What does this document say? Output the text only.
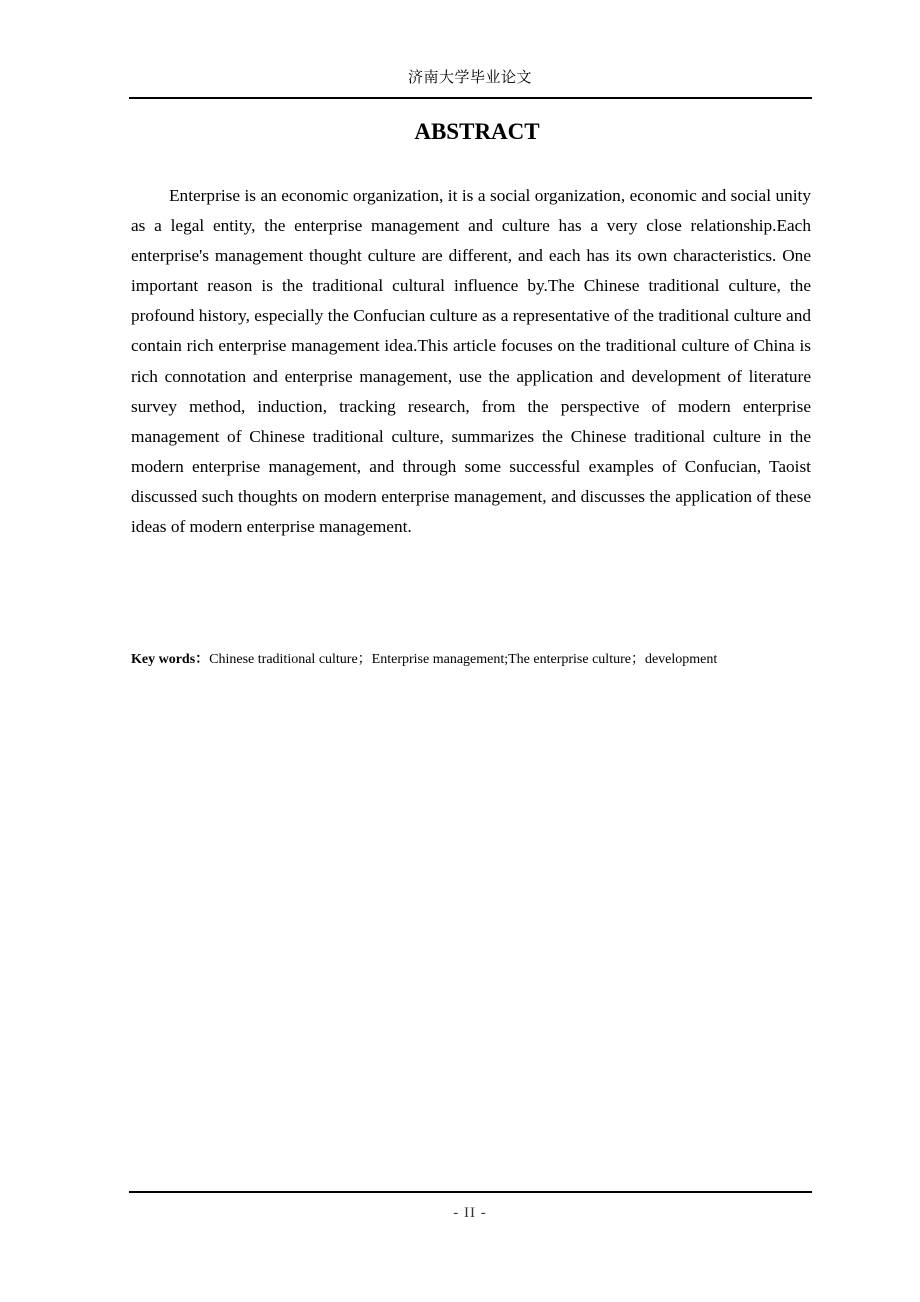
济南大学毕业论文
ABSTRACT

Enterprise is an economic organization, it is a social organization, economic and social unity as a legal entity, the enterprise management and culture has a very close relationship.Each enterprise's management thought culture are different, and each has its own characteristics. One important reason is the traditional cultural influence by.The Chinese traditional culture, the profound history, especially the Confucian culture as a representative of the traditional culture and contain rich enterprise management idea.This article focuses on the traditional culture of China is rich connotation and enterprise management, use the application and development of literature survey method, induction, tracking research, from the perspective of modern enterprise management of Chinese traditional culture, summarizes the Chinese traditional culture in the modern enterprise management, and through some successful examples of Confucian, Taoist discussed such thoughts on modern enterprise management, and discusses the application of these ideas of modern enterprise management.

Key words：Chinese traditional culture；Enterprise management;The enterprise culture；development

- II -
